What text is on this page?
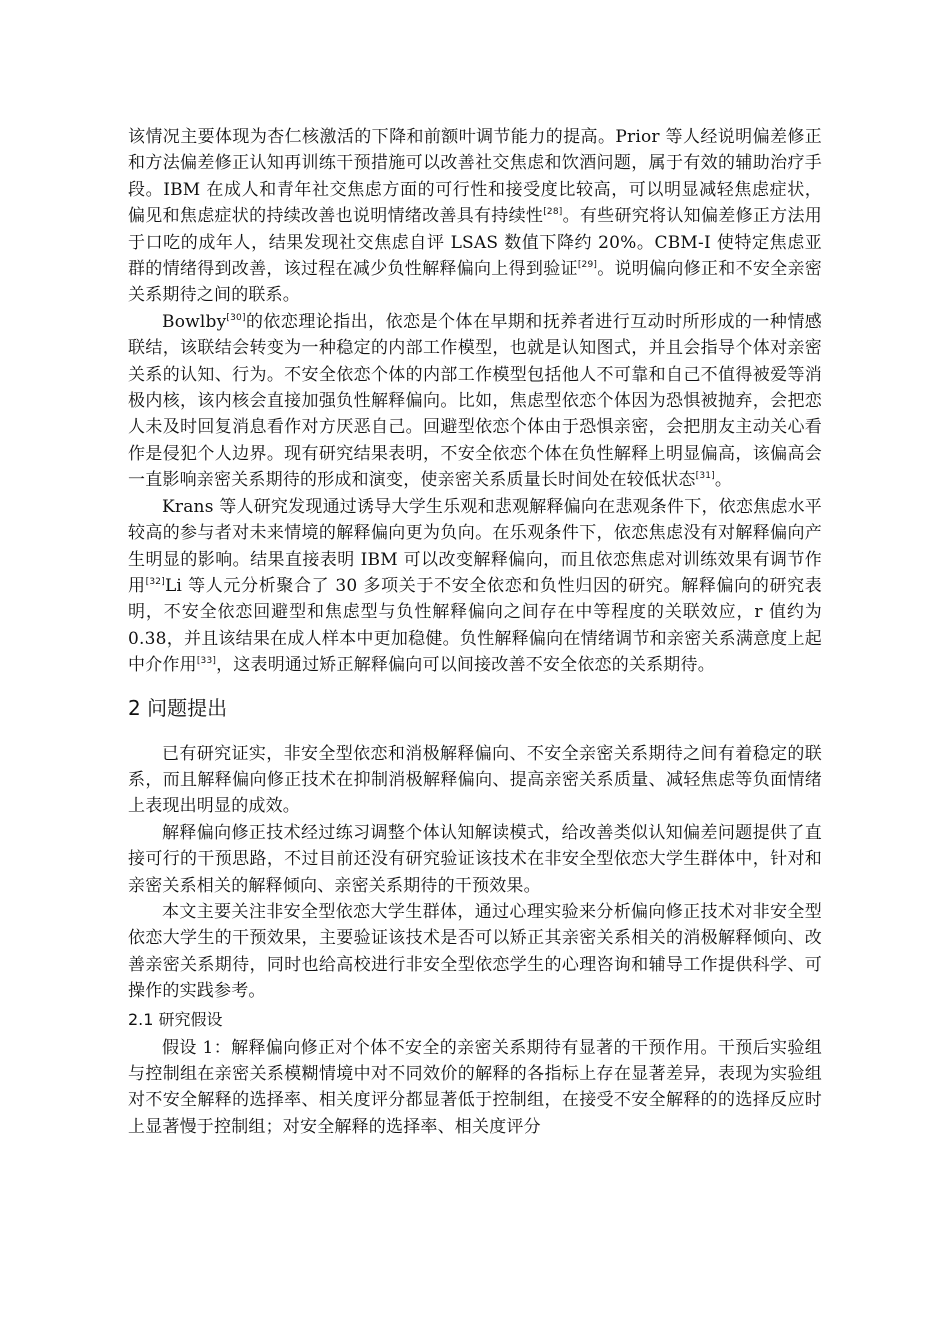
该情况主要体现为杏仁核激活的下降和前额叶调节能力的提高。Prior 等人经说明偏差修正和方法偏差修正认知再训练干预措施可以改善社交焦虑和饮酒问题，属于有效的辅助治疗手段。IBM 在成人和青年社交焦虑方面的可行性和接受度比较高，可以明显减轻焦虑症状，偏见和焦虑症状的持续改善也说明情绪改善具有持续性[28]。有些研究将认知偏差修正方法用于口吃的成年人，结果发现社交焦虑自评 LSAS 数值下降约 20%。CBM-I 使特定焦虑亚群的情绪得到改善，该过程在减少负性解释偏向上得到验证[29]。说明偏向修正和不安全亲密关系期待之间的联系。

Bowlby[30]的依恋理论指出，依恋是个体在早期和抚养者进行互动时所形成的一种情感联结，该联结会转变为一种稳定的内部工作模型，也就是认知图式，并且会指导个体对亲密关系的认知、行为。不安全依恋个体的内部工作模型包括他人不可靠和自己不值得被爱等消极内核，该内核会直接加强负性解释偏向。比如，焦虑型依恋个体因为恐惧被抛弃，会把恋人未及时回复消息看作对方厌恶自己。回避型依恋个体由于恐惧亲密，会把朋友主动关心看作是侵犯个人边界。现有研究结果表明，不安全依恋个体在负性解释上明显偏高，该偏高会一直影响亲密关系期待的形成和演变，使亲密关系质量长时间处在较低状态[31]。

Krans 等人研究发现通过诱导大学生乐观和悲观解释偏向在悲观条件下，依恋焦虑水平较高的参与者对未来情境的解释偏向更为负向。在乐观条件下，依恋焦虑没有对解释偏向产生明显的影响。结果直接表明 IBM 可以改变解释偏向，而且依恋焦虑对训练效果有调节作用[32]Li 等人元分析聚合了 30 多项关于不安全依恋和负性归因的研究。解释偏向的研究表明，不安全依恋回避型和焦虑型与负性解释偏向之间存在中等程度的关联效应，r 值约为 0.38，并且该结果在成人样本中更加稳健。负性解释偏向在情绪调节和亲密关系满意度上起中介作用[33]，这表明通过矫正解释偏向可以间接改善不安全依恋的关系期待。

2 问题提出

已有研究证实，非安全型依恋和消极解释偏向、不安全亲密关系期待之间有着稳定的联系，而且解释偏向修正技术在抑制消极解释偏向、提高亲密关系质量、减轻焦虑等负面情绪上表现出明显的成效。

解释偏向修正技术经过练习调整个体认知解读模式，给改善类似认知偏差问题提供了直接可行的干预思路，不过目前还没有研究验证该技术在非安全型依恋大学生群体中，针对和亲密关系相关的解释倾向、亲密关系期待的干预效果。

本文主要关注非安全型依恋大学生群体，通过心理实验来分析偏向修正技术对非安全型依恋大学生的干预效果，主要验证该技术是否可以矫正其亲密关系相关的消极解释倾向、改善亲密关系期待，同时也给高校进行非安全型依恋学生的心理咨询和辅导工作提供科学、可操作的实践参考。

2.1 研究假设

假设 1：解释偏向修正对个体不安全的亲密关系期待有显著的干预作用。干预后实验组与控制组在亲密关系模糊情境中对不同效价的解释的各指标上存在显著差异，表现为实验组对不安全解释的选择率、相关度评分都显著低于控制组，在接受不安全解释的的选择反应时上显著慢于控制组；对安全解释的选择率、相关度评分
